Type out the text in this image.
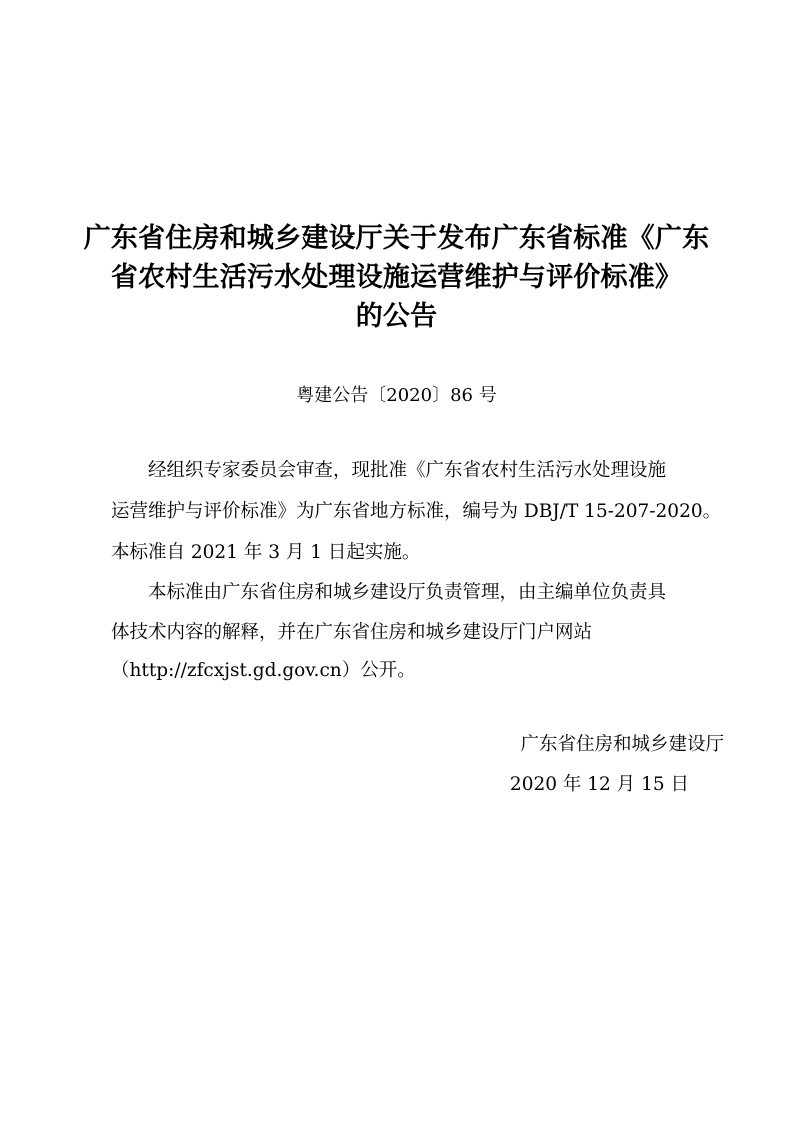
广东省住房和城乡建设厅关于发布广东省标准《广东
省农村生活污水处理设施运营维护与评价标准》
的公告
粤建公告〔2020〕86 号
经组织专家委员会审查，现批准《广东省农村生活污水处理设施
运营维护与评价标准》为广东省地方标准，编号为 DBJ/T 15-207-2020。
本标准自 2021 年 3 月 1 日起实施。
本标准由广东省住房和城乡建设厅负责管理，由主编单位负责具
体技术内容的解释，并在广东省住房和城乡建设厅门户网站
（http://zfcxjst.gd.gov.cn）公开。
广东省住房和城乡建设厅
2020 年 12 月 15 日
